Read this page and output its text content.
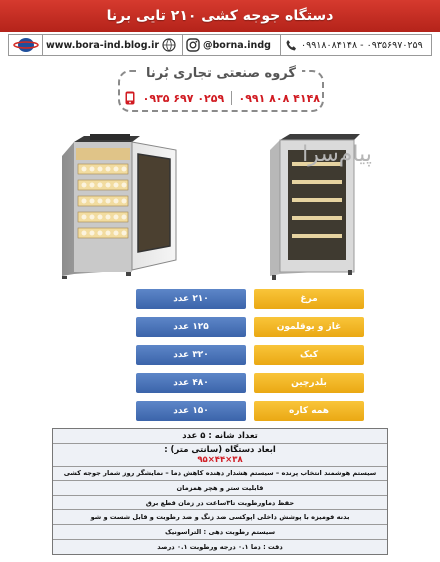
دستگاه جوجه کشی ۲۱۰ تایی برنا
www.bora-ind.blog.ir	@borna.indg	۰۹۳۵۶۹۷۰۲۵۹ - ۰۹۹۱۸۰۸۴۱۴۸
گروه صنعتی تجاری بُرنا
۰۹۳۵ ۶۹۷ ۰۲۵۹ ۰۹۹۱ ۸۰۸ ۴۱۴۸
پیام‌سرا
۲۱۰ عدد	مرغ
۱۲۵ عدد	غاز و بوقلمون
۳۲۰ عدد	کبک
۴۸۰ عدد	بلدرچین
۱۵۰ عدد	همه کاره
تعداد شانه : ۵ عدد
ابعاد دستگاه (سانتی متر) :
۹۵×۴۴×۳۸
سیستم هوشمند انتخاب پرنده – سیستم هشدار دهنده کاهش دما – نمایشگر روز شمار جوجه کشی
قابلیت ستر و هچر همزمان
حفظ دماورطوبت تا۳ساعت در زمان قطع برق
بدنه فومیزه با پوشش داخلی اپوکسی ضد زنگ و ضد رطوبت و قابل شست و شو
سیستم رطوبت دهی : التراسونیک
دقت : دما ۰.۱ درجه ورطوبت ۰.۱ درصد
